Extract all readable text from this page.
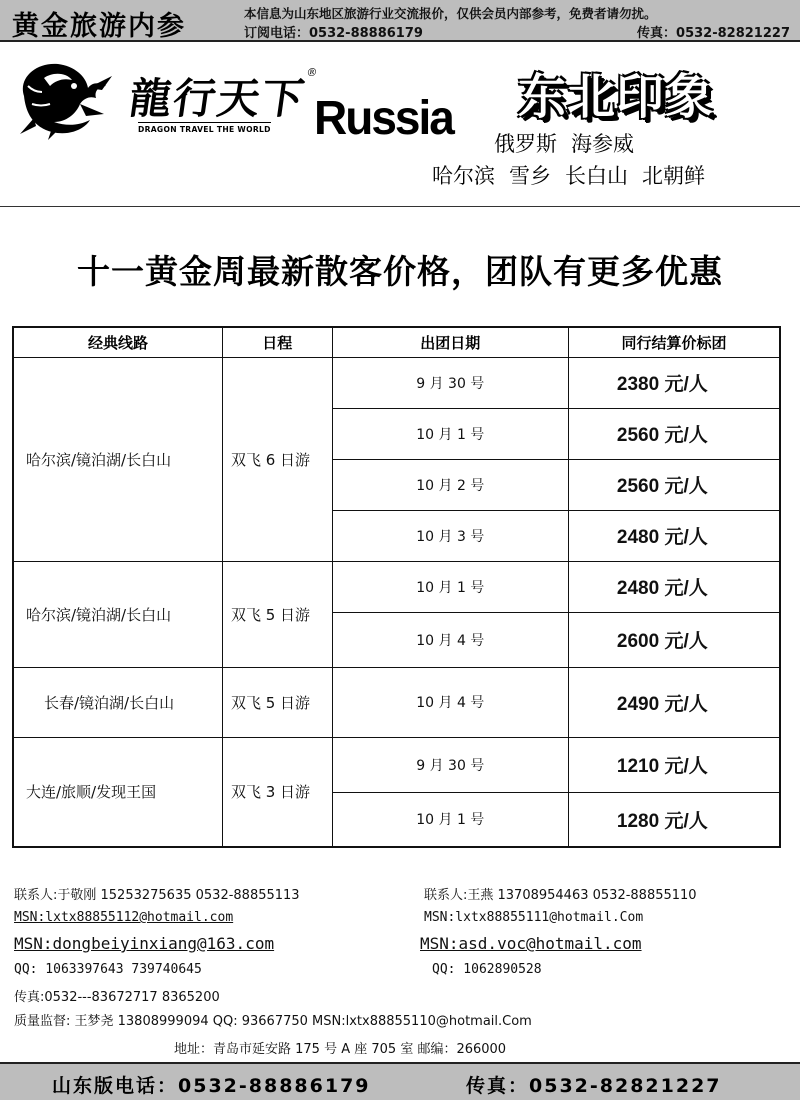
黄金旅游内参	本信息为山东地区旅游行业交流报价，仅供会员内部参考，免费者请勿扰。
订阅电话：0532-88886179	传真：0532-82821227
龍行天下
®
DRAGON TRAVEL THE WORLD Russia 东北印象
俄罗斯 海参威
哈尔滨 雪乡 长白山 北朝鲜
十一黄金周最新散客价格，团队有更多优惠
经典线路	日程	出团日期	同行结算价标团
哈尔滨/镜泊湖/长白山	双飞 6 日游	9 月 30 号	2380 元/人
		10 月 1 号	2560 元/人
		10 月 2 号	2560 元/人
		10 月 3 号	2480 元/人
哈尔滨/镜泊湖/长白山	双飞 5 日游	10 月 1 号	2480 元/人
		10 月 4 号	2600 元/人
长春/镜泊湖/长白山	双飞 5 日游	10 月 4 号	2490 元/人
大连/旅顺/发现王国	双飞 3 日游	9 月 30 号	1210 元/人
		10 月 1 号	1280 元/人
联系人:于敬刚 15253275635 0532-88855113	联系人:王燕 13708954463 0532-88855110
MSN:lxtx88855112@hotmail.com	MSN:lxtx88855111@hotmail.Com
MSN:dongbeiyinxiang@163.com	MSN:asd.voc@hotmail.com
QQ: 1063397643 739740645	QQ: 1062890528
传真:0532---83672717 8365200
质量监督: 王梦尧 13808999094 QQ: 93667750 MSN:lxtx88855110@hotmail.Com
地址：青岛市延安路 175 号 A 座 705 室 邮编：266000
山东版电话：0532-88886179	传真：0532-82821227
